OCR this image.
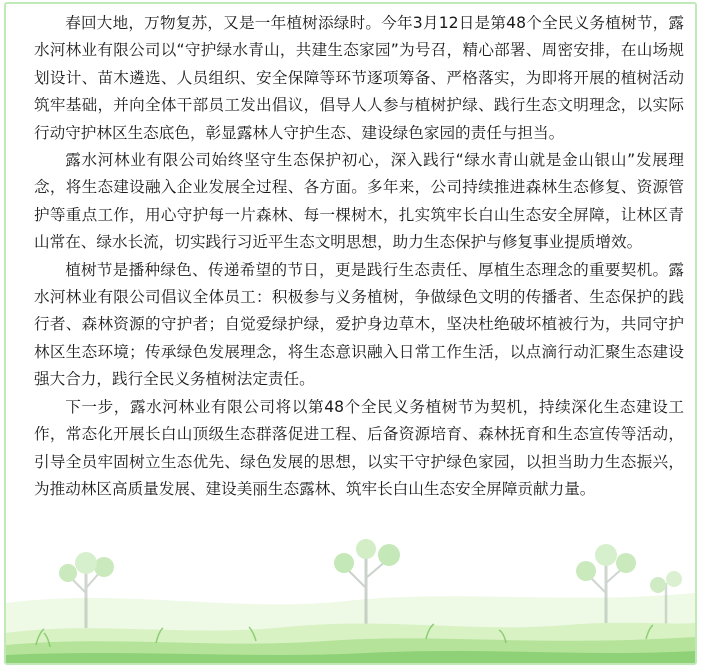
春回大地，万物复苏，又是一年植树添绿时。今年3月12日是第48个全民义务植树节，露水河林业有限公司以“守护绿水青山，共建生态家园”为号召，精心部署、周密安排，在山场规划设计、苗木遴选、人员组织、安全保障等环节逐项筹备、严格落实，为即将开展的植树活动筑牢基础，并向全体干部员工发出倡议，倡导人人参与植树护绿、践行生态文明理念，以实际行动守护林区生态底色，彰显露林人守护生态、建设绿色家园的责任与担当。

露水河林业有限公司始终坚守生态保护初心，深入践行“绿水青山就是金山银山”发展理念，将生态建设融入企业发展全过程、各方面。多年来，公司持续推进森林生态修复、资源管护等重点工作，用心守护每一片森林、每一棵树木，扎实筑牢长白山生态安全屏障，让林区青山常在、绿水长流，切实践行习近平生态文明思想，助力生态保护与修复事业提质增效。

植树节是播种绿色、传递希望的节日，更是践行生态责任、厚植生态理念的重要契机。露水河林业有限公司倡议全体员工：积极参与义务植树，争做绿色文明的传播者、生态保护的践行者、森林资源的守护者；自觉爱绿护绿，爱护身边草木，坚决杜绝破坏植被行为，共同守护林区生态环境；传承绿色发展理念，将生态意识融入日常工作生活，以点滴行动汇聚生态建设强大合力，践行全民义务植树法定责任。

下一步，露水河林业有限公司将以第48个全民义务植树节为契机，持续深化生态建设工作，常态化开展长白山顶级生态群落促进工程、后备资源培育、森林抚育和生态宣传等活动，引导全员牢固树立生态优先、绿色发展的思想，以实干守护绿色家园，以担当助力生态振兴，为推动林区高质量发展、建设美丽生态露林、筑牢长白山生态安全屏障贡献力量。
